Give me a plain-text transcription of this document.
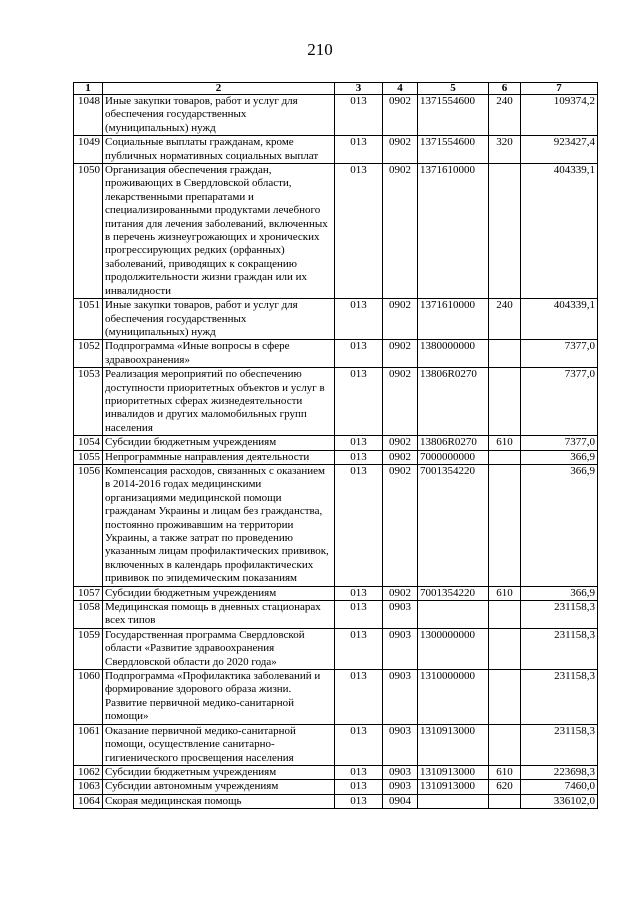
210
1	2	3	4	5	6	7
1048	Иные закупки товаров, работ и услуг для обеспечения государственных (муниципальных) нужд	013	0902	1371554600	240	109374,2
1049	Социальные выплаты гражданам, кроме публичных нормативных социальных выплат	013	0902	1371554600	320	923427,4
1050	Организация обеспечения граждан, проживающих в Свердловской области, лекарственными препаратами и специализированными продуктами лечебного питания для лечения заболеваний, включенных в перечень жизнеугрожающих и хронических прогрессирующих редких (орфанных) заболеваний, приводящих к сокращению продолжительности жизни граждан или их инвалидности	013	0902	1371610000		404339,1
1051	Иные закупки товаров, работ и услуг для обеспечения государственных (муниципальных) нужд	013	0902	1371610000	240	404339,1
1052	Подпрограмма «Иные вопросы в сфере здравоохранения»	013	0902	1380000000		7377,0
1053	Реализация мероприятий по обеспечению доступности приоритетных объектов и услуг в приоритетных сферах жизнедеятельности инвалидов и других маломобильных групп населения	013	0902	13806R0270		7377,0
1054	Субсидии бюджетным учреждениям	013	0902	13806R0270	610	7377,0
1055	Непрограммные направления деятельности	013	0902	7000000000		366,9
1056	Компенсация расходов, связанных с оказанием в 2014-2016 годах медицинскими организациями медицинской помощи гражданам Украины и лицам без гражданства, постоянно проживавшим на территории Украины, а также затрат по проведению указанным лицам профилактических прививок, включенных в календарь профилактических прививок по эпидемическим показаниям	013	0902	7001354220		366,9
1057	Субсидии бюджетным учреждениям	013	0902	7001354220	610	366,9
1058	Медицинская помощь в дневных стационарах всех типов	013	0903			231158,3
1059	Государственная программа Свердловской области «Развитие здравоохранения Свердловской области до 2020 года»	013	0903	1300000000		231158,3
1060	Подпрограмма «Профилактика заболеваний и формирование здорового образа жизни. Развитие первичной медико-санитарной помощи»	013	0903	1310000000		231158,3
1061	Оказание первичной медико-санитарной помощи, осуществление санитарно-гигиенического просвещения населения	013	0903	1310913000		231158,3
1062	Субсидии бюджетным учреждениям	013	0903	1310913000	610	223698,3
1063	Субсидии автономным учреждениям	013	0903	1310913000	620	7460,0
1064	Скорая медицинская помощь	013	0904			336102,0
